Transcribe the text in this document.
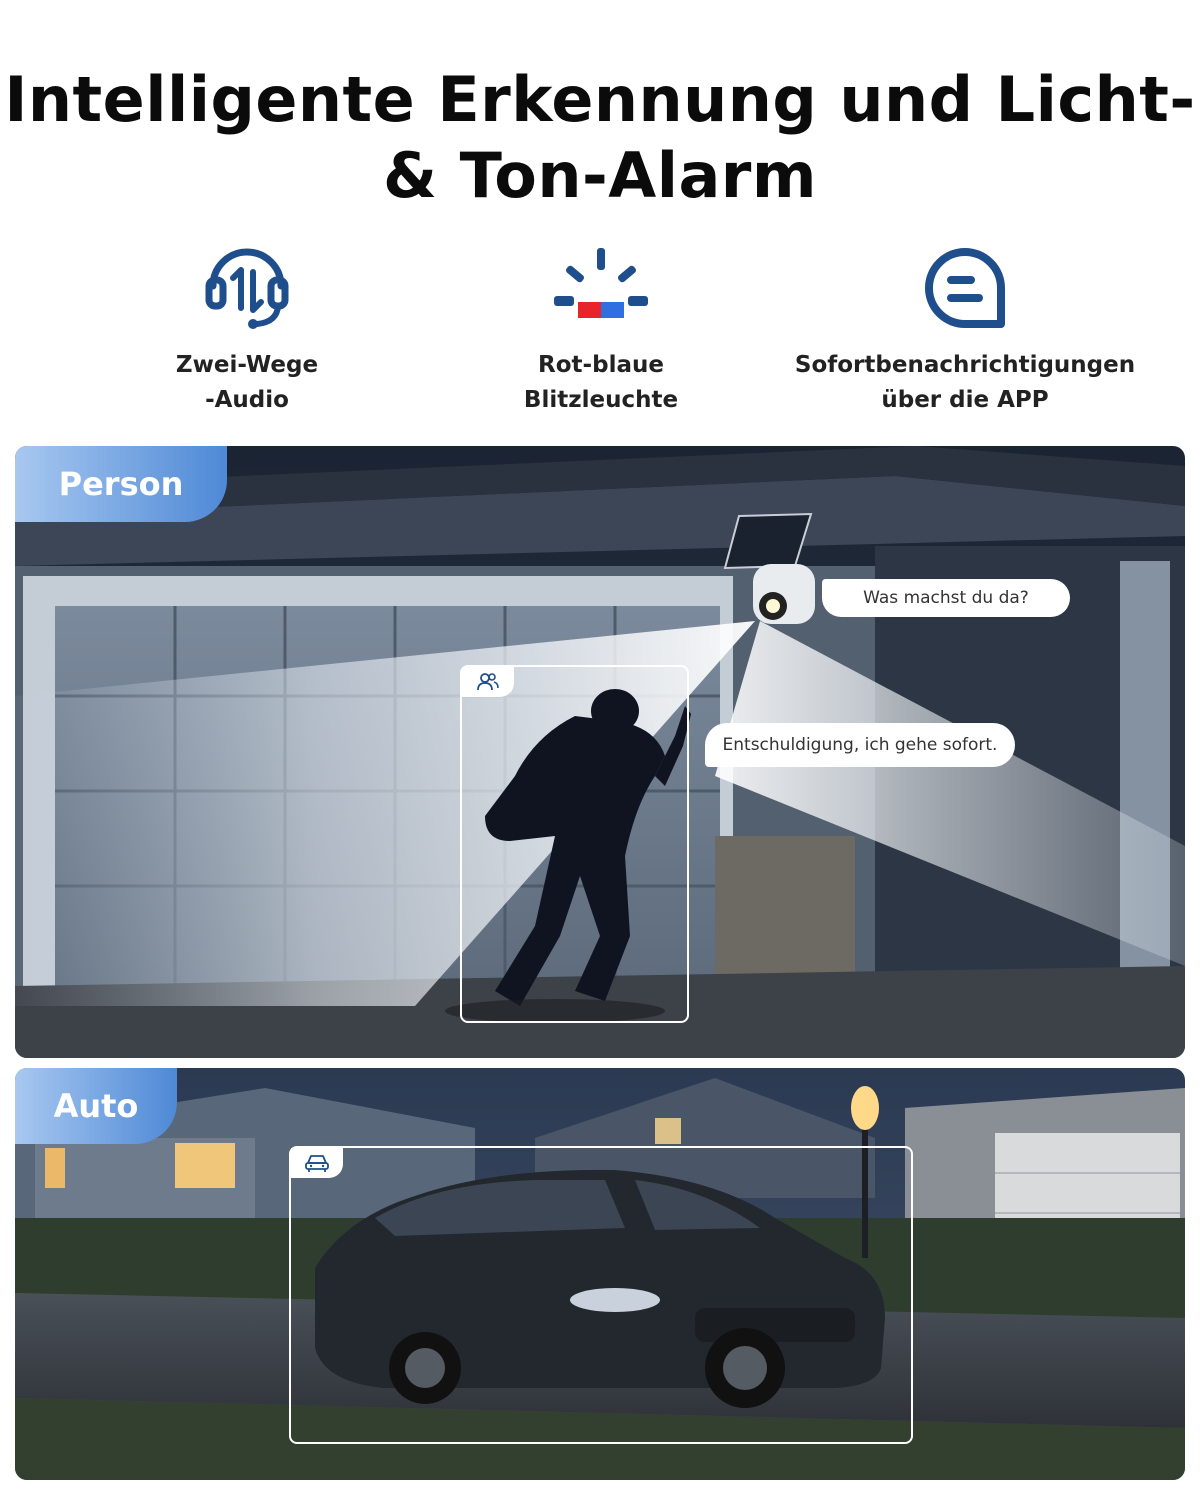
Intelligente Erkennung und Licht-
& Ton-Alarm
Zwei-Wege
-Audio
Rot-blaue
Blitzleuchte
Sofortbenachrichtigungen
über die APP
Person
Was machst du da?
Entschuldigung, ich gehe sofort.
Auto
